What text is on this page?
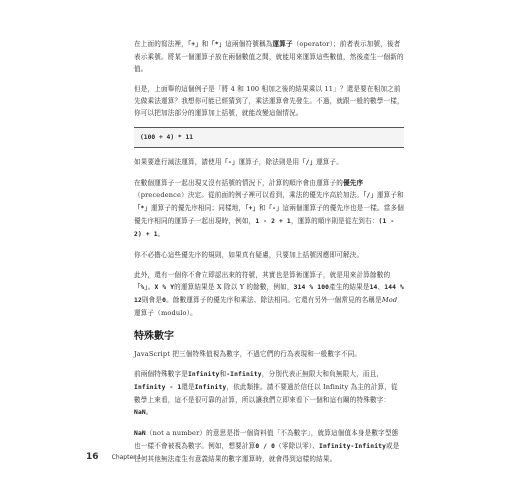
在上面的寫法裡，「+」和「*」這兩個符號稱為運算子（operator）；前者表示加號，後者表示乘號。將某一個運算子放在兩個數值之間，就能用來運算這些數值，然後產生一個新的值。

但是，上面舉的這個例子是「將 4 和 100 相加之後的結果乘以 11」？還是要在相加之前先做乘法運算？我想你可能已經猜到了，乘法運算會先發生。不過，就跟一般的數學一樣，你可以把加法部分的運算加上括號，就能改變這個情況。

(100 + 4) * 11

如果要進行減法運算，請使用「-」運算子，除法則是用「/」運算子。

在數個運算子一起出現又沒有括號的情況下，計算的順序會由運算子的優先序（precedence）決定。從前面的例子裡可以看到，乘法的優先序高於加法。「/」運算子和「*」運算子的優先序相同；同樣地，「+」和「-」這兩個運算子的優先序也是一樣。當多個優先序相同的運算子一起出現時，例如，1 - 2 + 1，運算的順序則是從左到右：(1 - 2) + 1。

你不必擔心這些優先序的規則，如果真有疑慮，只要加上括號因應即可解決。

此外，還有一個你不會立即認出來的符號，其實也是算術運算子，就是用來計算餘數的「%」。X % Y的運算結果是 X 除以 Y 的餘數，例如，314 % 100產生的結果是14、144 % 12則會是0。餘數運算子的優先序和乘法、除法相同。它還有另外一個常見的名稱是Mod運算子（modulo）。

特殊數字

JavaScript 把三個特殊值視為數字，不過它們的行為表現和一般數字不同。

前兩個特殊數字是Infinity和-Infinity，分別代表正無限大和負無限大，而且，Infinity - 1還是Infinity，依此類推。請不要過於信任以 Infinity 為主的計算，從數學上來看，這不是很可靠的計算，所以讓我們立即來看下一個和這有關的特殊數字：NaN。

NaN（not a number）的意思是指一個資料值「不為數字」，就算這個值本身是數字型態也一樣不會被視為數字。例如，想要計算0 / 0（零除以零）、Infinity-Infinity或是任何其他無法產生有意義結果的數字運算時，就會得到這樣的結果。

16 Chapter 1
